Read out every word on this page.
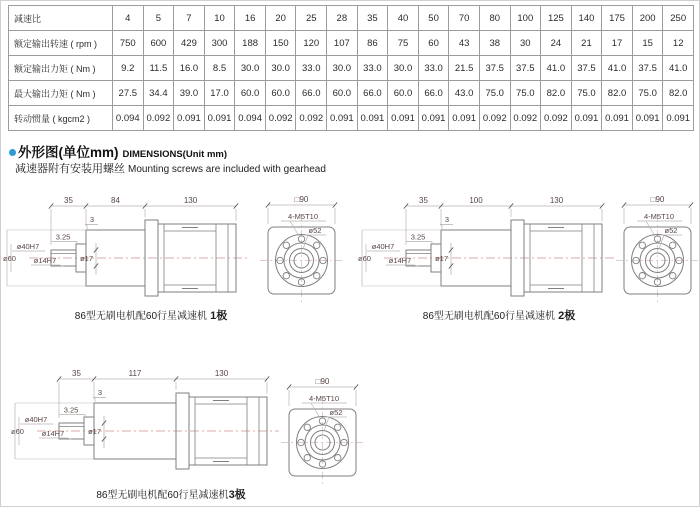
减速比	4	5	7	10	16	20	25	28	35	40	50	70	80	100	125	140	175	200	250
额定输出转速 ( rpm )	750	600	429	300	188	150	120	107	86	75	60	43	38	30	24	21	17	15	12
额定输出力矩 ( Nm )	9.2	11.5	16.0	8.5	30.0	30.0	33.0	30.0	33.0	30.0	33.0	21.5	37.5	37.5	41.0	37.5	41.0	37.5	41.0
最大输出力矩 ( Nm )	27.5	34.4	39.0	17.0	60.0	60.0	66.0	60.0	66.0	60.0	66.0	43.0	75.0	75.0	82.0	75.0	82.0	75.0	82.0
转动惯量 ( kgcm2 )	0.094	0.092	0.091	0.091	0.094	0.092	0.092	0.091	0.091	0.091	0.091	0.091	0.092	0.092	0.092	0.091	0.091	0.091	0.091
外形图(单位mm) DIMENSIONS(Unit mm)
减速器附有安装用螺丝 Mounting screws are included with gearhead
35	84	130
3
3.25
ø40H7
ø60 ø14H7	ø17
□90
4-M5T10
ø52
86型无刷电机配60行星减速机 1极
35	100	130
3
3.25
ø40H7
ø60 ø14H7	ø17
□90
4-M5T10
ø52
86型无刷电机配60行星减速机 2极
35	117	130
3
3.25
ø40H7
ø60 ø14H7	ø17
□90
4-M5T10
ø52
86型无刷电机配60行星减速机3极
